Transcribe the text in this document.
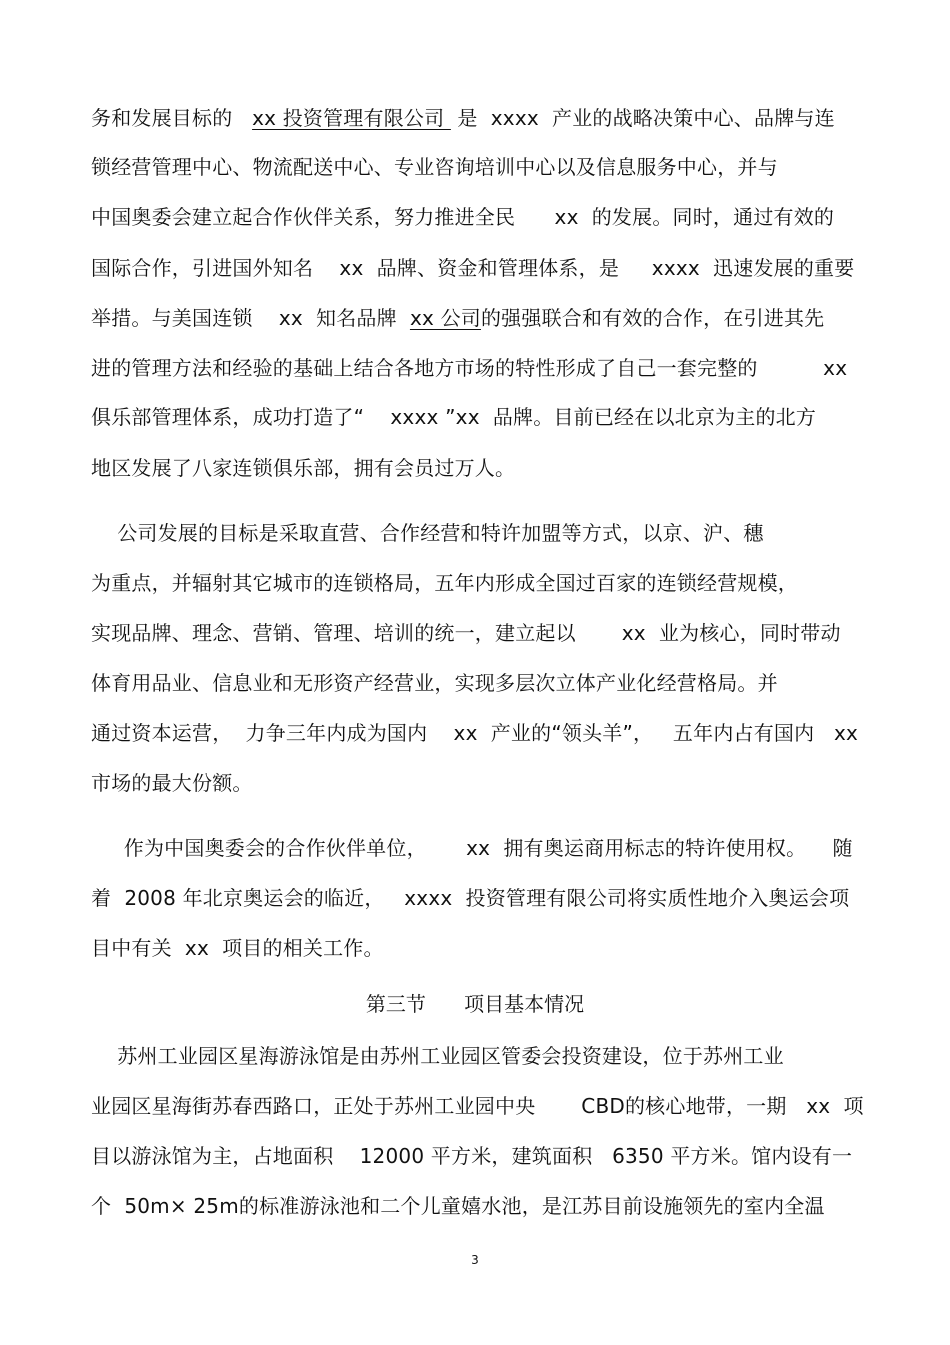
务和发展目标的   xx 投资管理有限公司  是  xxxx  产业的战略决策中心、品牌与连
锁经营管理中心、物流配送中心、专业咨询培训中心以及信息服务中心，并与
中国奥委会建立起合作伙伴关系，努力推进全民      xx  的发展。同时，通过有效的
国际合作，引进国外知名    xx  品牌、资金和管理体系，是     xxxx  迅速发展的重要
举措。与美国连锁    xx  知名品牌  xx 公司的强强联合和有效的合作，在引进其先
进的管理方法和经验的基础上结合各地方市场的特性形成了自己一套完整的          xx
俱乐部管理体系，成功打造了“    xxxx ”xx  品牌。目前已经在以北京为主的北方
地区发展了八家连锁俱乐部，拥有会员过万人。
公司发展的目标是采取直营、合作经营和特许加盟等方式，以京、沪、穗
为重点，并辐射其它城市的连锁格局，五年内形成全国过百家的连锁经营规模，
实现品牌、理念、营销、管理、培训的统一，建立起以       xx  业为核心，同时带动
体育用品业、信息业和无形资产经营业，实现多层次立体产业化经营格局。并
通过资本运营，  力争三年内成为国内    xx  产业的“领头羊”，   五年内占有国内   xx
市场的最大份额。
作为中国奥委会的合作伙伴单位，      xx  拥有奥运商用标志的特许使用权。    随
着  2008 年北京奥运会的临近，   xxxx  投资管理有限公司将实质性地介入奥运会项
目中有关  xx  项目的相关工作。
第三节      项目基本情况
苏州工业园区星海游泳馆是由苏州工业园区管委会投资建设，位于苏州工业
业园区星海街苏春西路口，正处于苏州工业园中央       CBD的核心地带，一期   xx  项
目以游泳馆为主，占地面积    12000 平方米，建筑面积   6350 平方米。馆内设有一
个  50m× 25m的标准游泳池和二个儿童嬉水池，是江苏目前设施领先的室内全温
3
